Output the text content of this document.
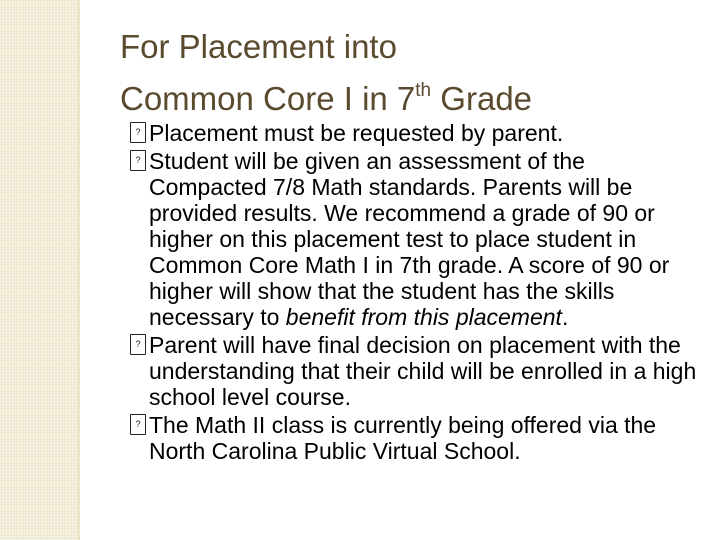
For Placement into
Common Core I in 7th Grade
?
Placement must be requested by parent.
?
Student will be given an assessment of the Compacted 7/8 Math standards. Parents will be provided results. We recommend a grade of 90 or higher on this placement test to place student in Common Core Math I in 7th grade. A score of 90 or higher will show that the student has the skills necessary to benefit from this placement.
?
Parent will have final decision on placement with the understanding that their child will be enrolled in a high school level course.
?
The Math II class is currently being offered via the North Carolina Public Virtual School.
